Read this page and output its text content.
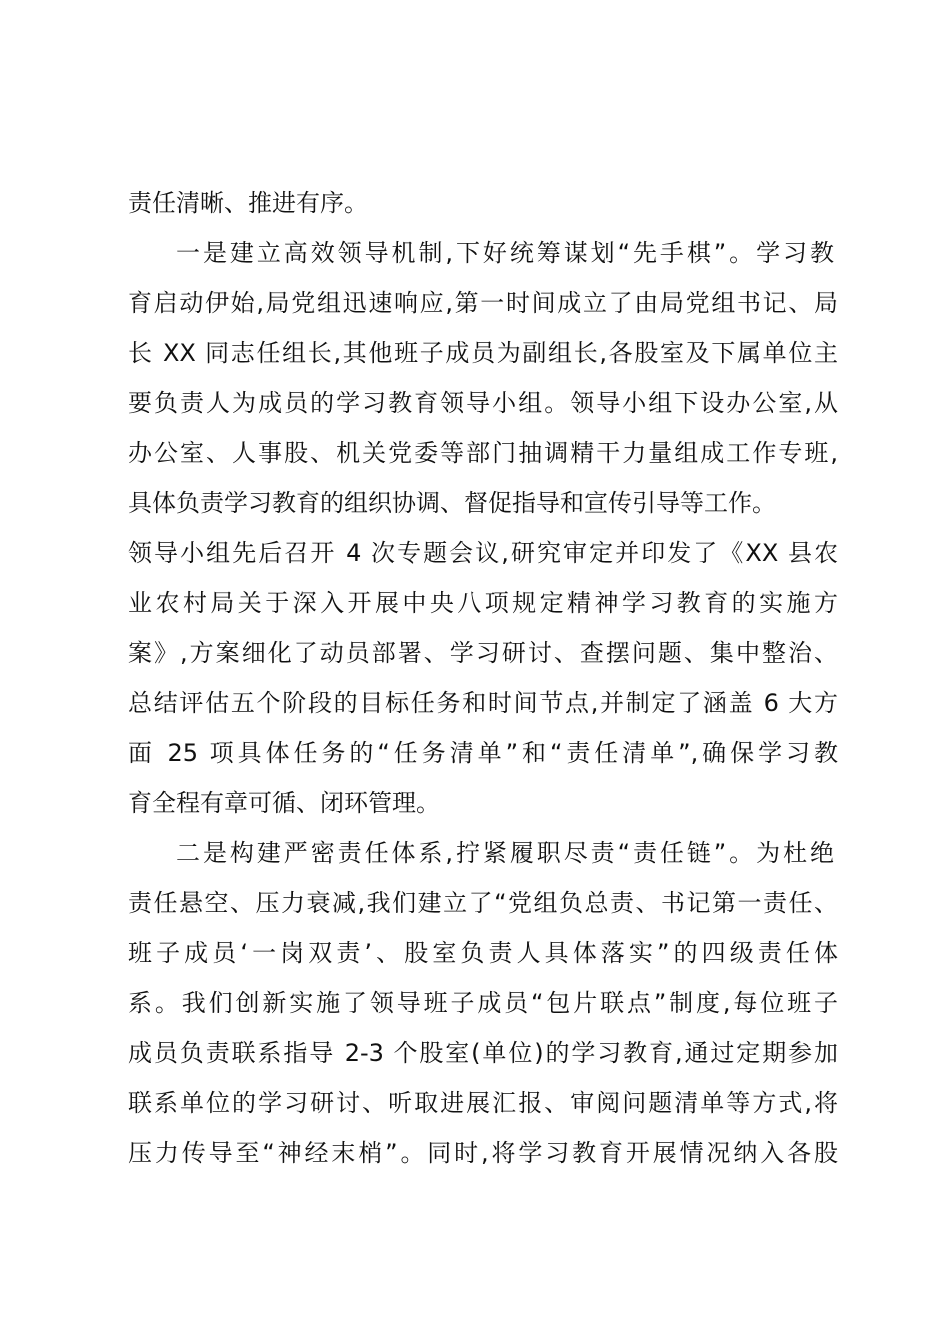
责任清晰、推进有序。
一是建立高效领导机制,下好统筹谋划“先手棋”。学习教
育启动伊始,局党组迅速响应,第一时间成立了由局党组书记、局
长 XX 同志任组长,其他班子成员为副组长,各股室及下属单位主
要负责人为成员的学习教育领导小组。领导小组下设办公室,从
办公室、人事股、机关党委等部门抽调精干力量组成工作专班,
具体负责学习教育的组织协调、督促指导和宣传引导等工作。
领导小组先后召开 4 次专题会议,研究审定并印发了《XX 县农
业农村局关于深入开展中央八项规定精神学习教育的实施方
案》,方案细化了动员部署、学习研讨、查摆问题、集中整治、
总结评估五个阶段的目标任务和时间节点,并制定了涵盖 6 大方
面 25 项具体任务的“任务清单”和“责任清单”,确保学习教
育全程有章可循、闭环管理。
二是构建严密责任体系,拧紧履职尽责“责任链”。为杜绝
责任悬空、压力衰减,我们建立了“党组负总责、书记第一责任、
班子成员‘一岗双责’、股室负责人具体落实”的四级责任体
系。我们创新实施了领导班子成员“包片联点”制度,每位班子
成员负责联系指导 2-3 个股室(单位)的学习教育,通过定期参加
联系单位的学习研讨、听取进展汇报、审阅问题清单等方式,将
压力传导至“神经末梢”。同时,将学习教育开展情况纳入各股
